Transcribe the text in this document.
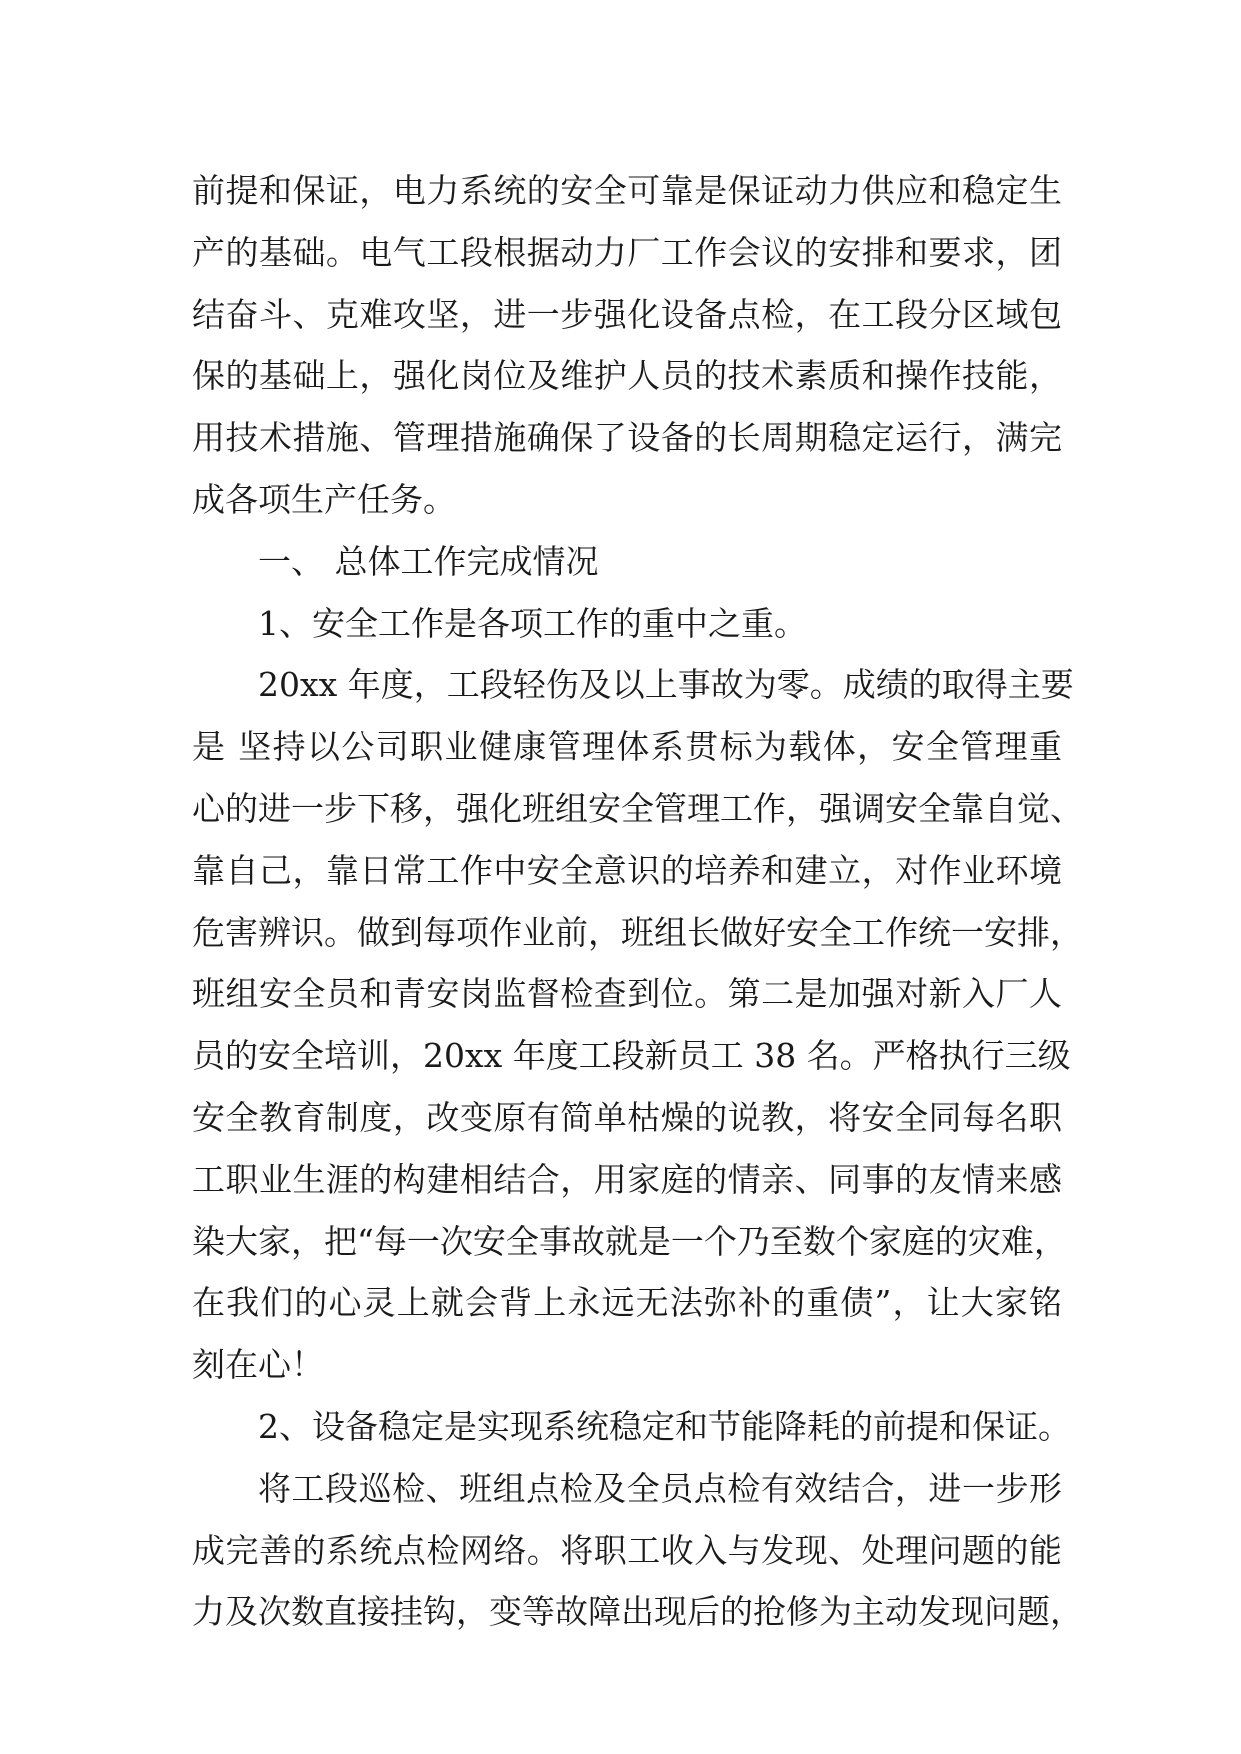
前提和保证，电力系统的安全可靠是保证动力供应和稳定生
产的基础。电气工段根据动力厂工作会议的安排和要求，团
结奋斗、克难攻坚，进一步强化设备点检，在工段分区域包
保的基础上，强化岗位及维护人员的技术素质和操作技能，
用技术措施、管理措施确保了设备的长周期稳定运行，满完
成各项生产任务。
一、 总体工作完成情况
1、安全工作是各项工作的重中之重。
20xx 年度，工段轻伤及以上事故为零。成绩的取得主要
是 坚持以公司职业健康管理体系贯标为载体，安全管理重
心的进一步下移，强化班组安全管理工作，强调安全靠自觉、
靠自己，靠日常工作中安全意识的培养和建立，对作业环境
危害辨识。做到每项作业前，班组长做好安全工作统一安排，
班组安全员和青安岗监督检查到位。第二是加强对新入厂人
员的安全培训，20xx 年度工段新员工 38 名。严格执行三级
安全教育制度，改变原有简单枯燥的说教，将安全同每名职
工职业生涯的构建相结合，用家庭的情亲、同事的友情来感
染大家，把“每一次安全事故就是一个乃至数个家庭的灾难，
在我们的心灵上就会背上永远无法弥补的重债”，让大家铭
刻在心！
2、设备稳定是实现系统稳定和节能降耗的前提和保证。
将工段巡检、班组点检及全员点检有效结合，进一步形
成完善的系统点检网络。将职工收入与发现、处理问题的能
力及次数直接挂钩，变等故障出现后的抢修为主动发现问题，
